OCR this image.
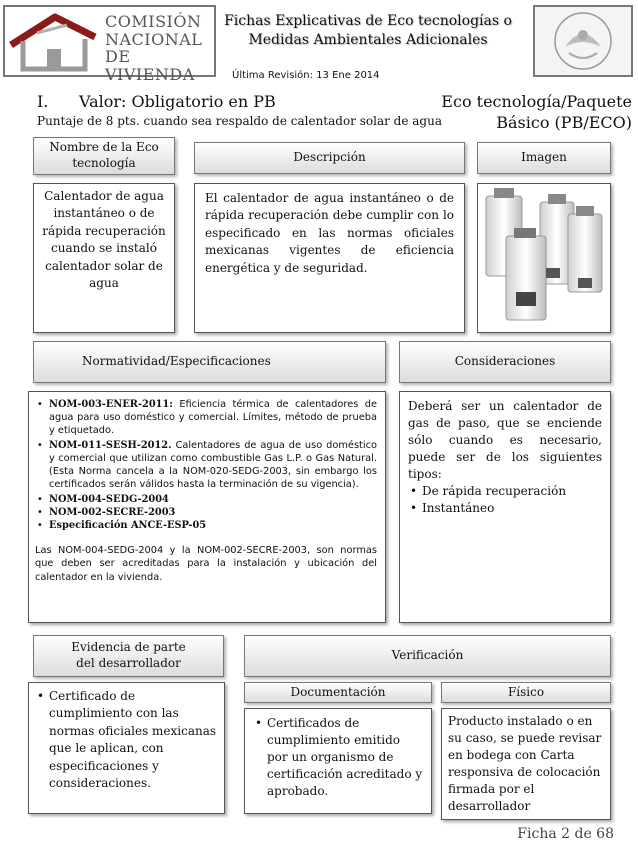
COMISIÓN
NACIONAL
DE VIVIENDA
Fichas Explicativas de Eco tecnologías o
Medidas Ambientales Adicionales
Última Revisión: 13 Ene 2014
I. Valor: Obligatorio en PB	Eco tecnología/Paquete
Básico (PB/ECO)
Puntaje de 8 pts. cuando sea respaldo de calentador solar de agua
Nombre de la Eco
tecnología	Descripción	Imagen
Calentador de agua instantáneo o de rápida recuperación cuando se instaló calentador solar de agua
El calentador de agua instantáneo o de rápida recuperación debe cumplir con lo especificado en las normas oficiales mexicanas vigentes de eficiencia energética y de seguridad.
Normatividad/Especificaciones	Consideraciones
• NOM-003-ENER-2011: Eficiencia térmica de calentadores de agua para uso doméstico y comercial. Límites, método de prueba y etiquetado.
• NOM-011-SESH-2012. Calentadores de agua de uso doméstico y comercial que utilizan como combustible Gas L.P. o Gas Natural. (Esta Norma cancela a la NOM-020-SEDG-2003, sin embargo los certificados serán válidos hasta la terminación de su vigencia).
• NOM-004-SEDG-2004
• NOM-002-SECRE-2003
• Especificación ANCE-ESP-05
Las NOM-004-SEDG-2004 y la NOM-002-SECRE-2003, son normas que deben ser acreditadas para la instalación y ubicación del calentador en la vivienda.
Deberá ser un calentador de gas de paso, que se enciende sólo cuando es necesario, puede ser de los siguientes tipos:
• De rápida recuperación
• Instantáneo
Evidencia de parte
del desarrollador
Verificación
• Certificado de cumplimiento con las normas oficiales mexicanas que le aplican, con especificaciones y consideraciones.
Documentación	Físico
• Certificados de cumplimiento emitido por un organismo de certificación acreditado y aprobado.
Producto instalado o en su caso, se puede revisar en bodega con Carta responsiva de colocación firmada por el desarrollador
Ficha 2 de 68
